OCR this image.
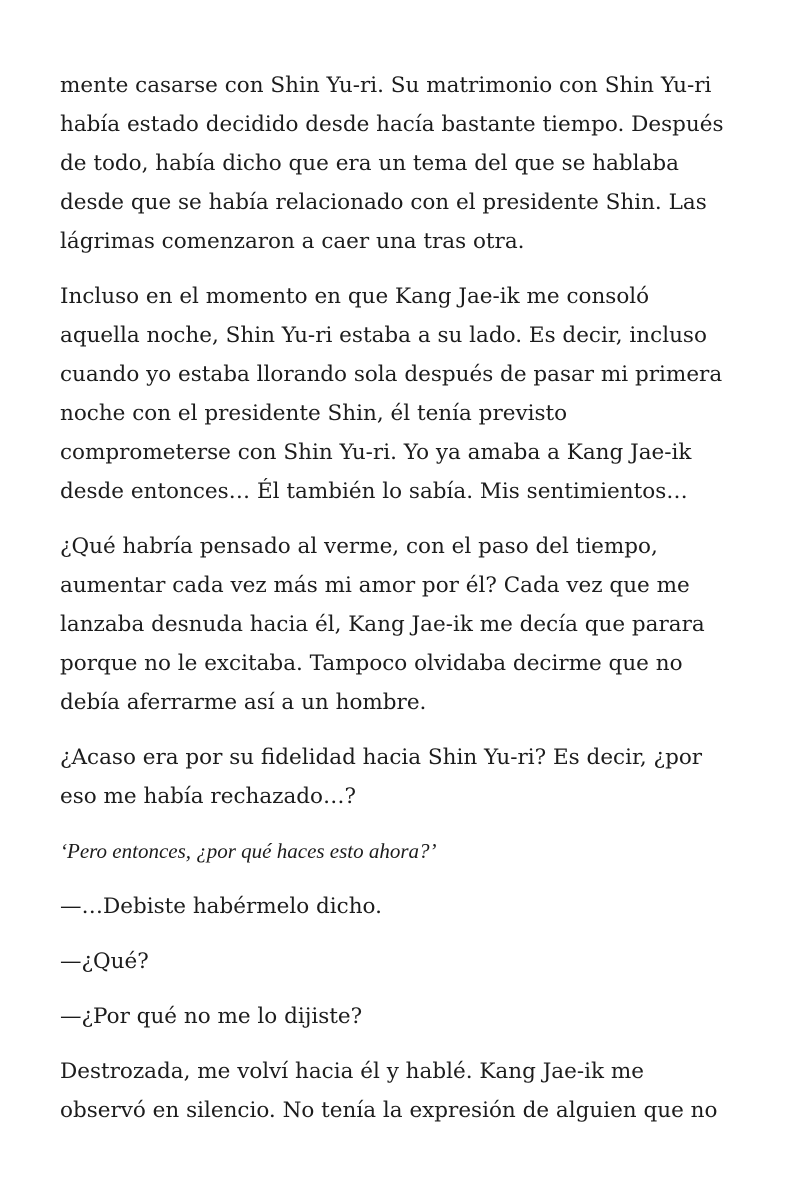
mente casarse con Shin Yu-ri. Su matrimonio con Shin Yu-ri
había estado decidido desde hacía bastante tiempo. Después
de todo, había dicho que era un tema del que se hablaba
desde que se había relacionado con el presidente Shin. Las
lágrimas comenzaron a caer una tras otra.

Incluso en el momento en que Kang Jae-ik me consoló
aquella noche, Shin Yu-ri estaba a su lado. Es decir, incluso
cuando yo estaba llorando sola después de pasar mi primera
noche con el presidente Shin, él tenía previsto
comprometerse con Shin Yu-ri. Yo ya amaba a Kang Jae-ik
desde entonces… Él también lo sabía. Mis sentimientos…

¿Qué habría pensado al verme, con el paso del tiempo,
aumentar cada vez más mi amor por él? Cada vez que me
lanzaba desnuda hacia él, Kang Jae-ik me decía que parara
porque no le excitaba. Tampoco olvidaba decirme que no
debía aferrarme así a un hombre.

¿Acaso era por su fidelidad hacia Shin Yu-ri? Es decir, ¿por
eso me había rechazado…?

‘Pero entonces, ¿por qué haces esto ahora?’

—…Debiste habérmelo dicho.

—¿Qué?

—¿Por qué no me lo dijiste?

Destrozada, me volví hacia él y hablé. Kang Jae-ik me
observó en silencio. No tenía la expresión de alguien que no
